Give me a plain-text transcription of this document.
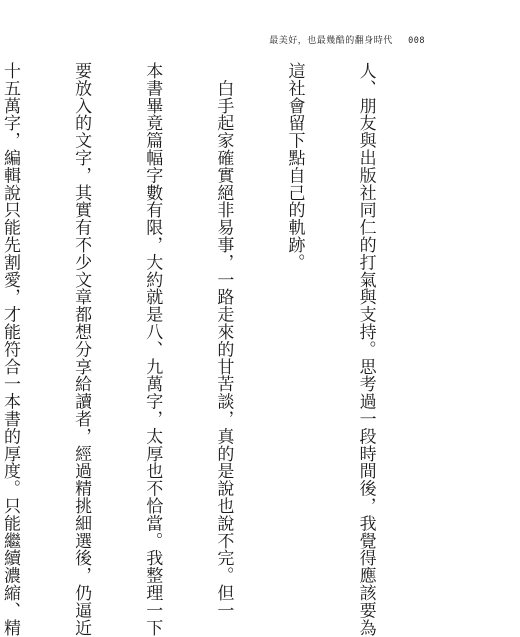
最美好，也最幾酷的翻身時代 008

人、朋友與出版社同仁的打氣與支持。思考過一段時間後，我覺得應該要為

這社會留下點自己的軌跡。

　白手起家確實絕非易事，一路走來的甘苦談，真的是說也說不完。但一

本書畢竟篇幅字數有限，大約就是八、九萬字，太厚也不恰當。我整理一下

要放入的文字，其實有不少文章都想分享給讀者，經過精挑細選後，仍逼近

十五萬字，編輯說只能先割愛，才能符合一本書的厚度。只能繼續濃縮、精
